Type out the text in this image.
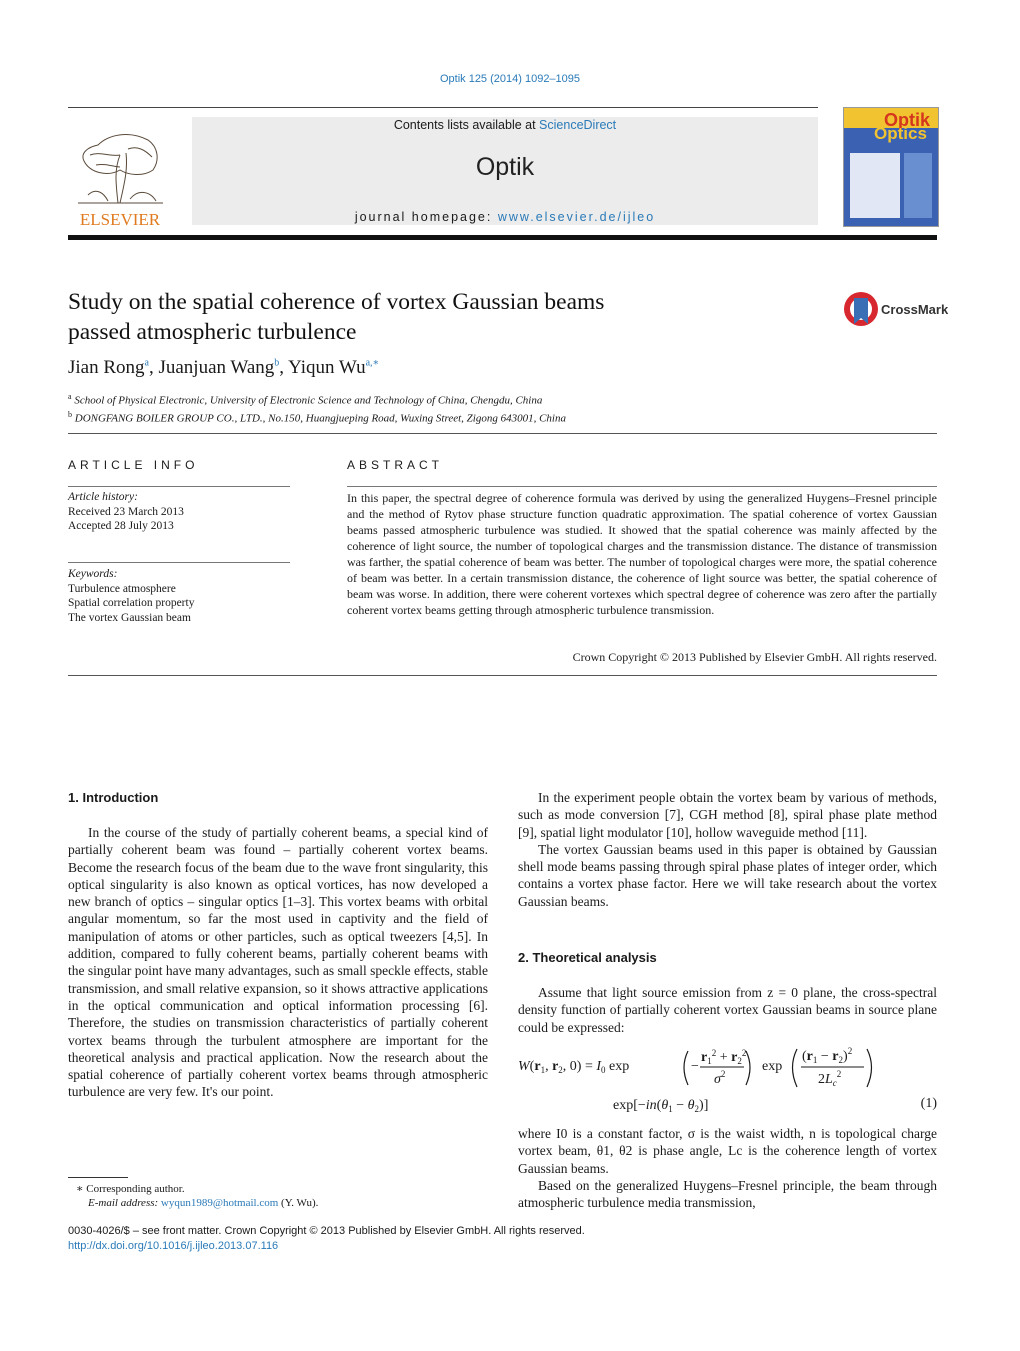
Optik 125 (2014) 1092–1095
ELSEVIER
Contents lists available at ScienceDirect
Optik
journal homepage: www.elsevier.de/ijleo
Optik
Optics
Study on the spatial coherence of vortex Gaussian beams
passed atmospheric turbulence
CrossMark
Jian Rong$^a$, Juanjuan Wang$^b$, Yiqun $Wu^{a,∗}$
$^a$ School of Physical Electronic, University of Electronic Science and Technology of China, Chengdu, China
$^b$ DONGFANG BOILER GROUP CO., LTD., No.150, Huangjueping Road, Wuxing Street, Zigong 643001, China
ARTICLE INFO
Article history:
Received 23 March 2013
Accepted 28 July 2013
Keywords:
Turbulence atmosphere
Spatial correlation property
The vortex Gaussian beam
ABSTRACT
In this paper, the spectral degree of coherence formula was derived by using the generalized Huygens–Fresnel principle and the method of Rytov phase structure function quadratic approximation. The spatial coherence of vortex Gaussian beams passed atmospheric turbulence was studied. It showed that the spatial coherence was mainly affected by the coherence of light source, the number of topological charges and the transmission distance. The distance of transmission was farther, the spatial coherence of beam was better. The number of topological charges were more, the spatial coherence of beam was better. In a certain transmission distance, the coherence of light source was better, the spatial coherence of beam was worse. In addition, there were coherent vortexes which spectral degree of coherence was zero after the partially coherent vortex beams getting through atmospheric turbulence transmission.
Crown Copyright © 2013 Published by Elsevier GmbH. All rights reserved.
1. Introduction

In the course of the study of partially coherent beams, a special kind of partially coherent beam was found – partially coherent vortex beams. Become the research focus of the beam due to the wave front singularity, this optical singularity is also known as optical vortices, has now developed a new branch of optics – singular optics [1–3]. This vortex beams with orbital angular momentum, so far the most used in captivity and the field of manipulation of atoms or other particles, such as optical tweezers [4,5]. In addition, compared to fully coherent beams, partially coherent beams with the singular point have many advantages, such as small speckle effects, stable transmission, and small relative expansion, so it shows attractive applications in the optical communication and optical information processing [6]. Therefore, the studies on transmission characteristics of partially coherent vortex beams through the turbulent atmosphere are important for the theoretical analysis and practical application. Now the research about the spatial coherence of partially coherent vortex beams through atmospheric turbulence are very few. It's our point.

In the experiment people obtain the vortex beam by various of methods, such as mode conversion [7], CGH method [8], spiral phase plate method [9], spatial light modulator [10], hollow waveguide method [11].

The vortex Gaussian beams used in this paper is obtained by Gaussian shell mode beams passing through spiral phase plates of integer order, which contains a vortex phase factor. Here we will take research about the vortex Gaussian beams.

2. Theoretical analysis

Assume that light source emission from z = 0 plane, the cross-spectral density function of partially coherent vortex Gaussian beams in source plane could be expressed:

$W(r_1$, $r_2$, $0) = I_0$ exp	−
$r_1^2 + r_2^2$
$\sigma^2$	exp
$(r_1 - r_2)^2$
$2L_c^2$
$\exp[-in(\theta_1 - \theta_2)]$	(1)

where I0 is a constant factor, σ is the waist width, n is topological charge vortex beam, θ1, θ2 is phase angle, Lc is the coherence length of vortex Gaussian beams.

Based on the generalized Huygens–Fresnel principle, the beam through atmospheric turbulence media transmission,

∗ Corresponding author.
E-mail address: wyqun1989@hotmail.com (Y. Wu).
0030-4026/$ – see front matter. Crown Copyright © 2013 Published by Elsevier GmbH. All rights reserved.
http://dx.doi.org/10.1016/j.ijleo.2013.07.116
